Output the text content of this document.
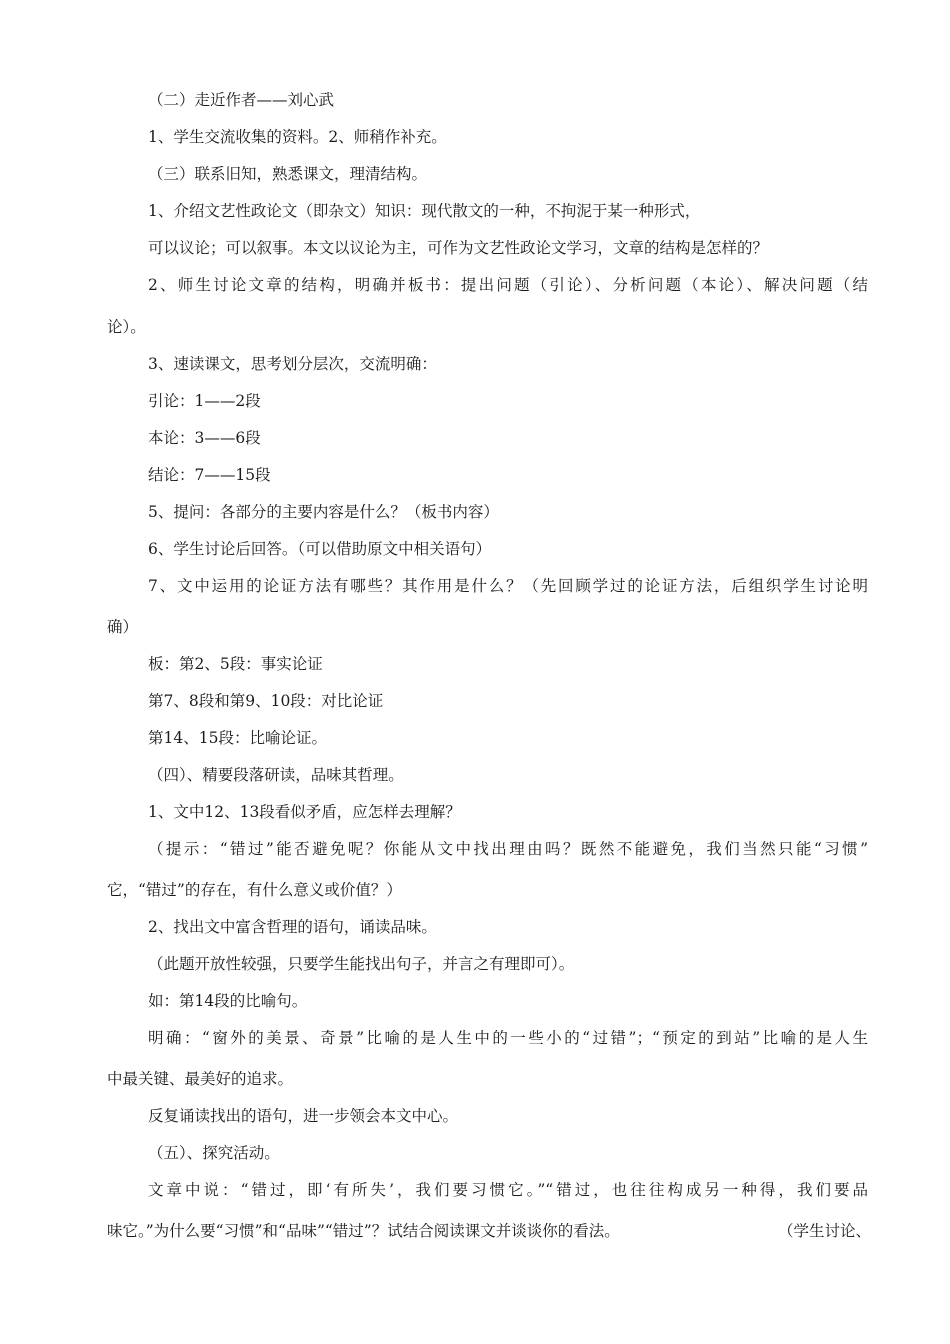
（二）走近作者——刘心武
1、学生交流收集的资料。2、师稍作补充。
（三）联系旧知，熟悉课文，理清结构。
1、介绍文艺性政论文（即杂文）知识：现代散文的一种，不拘泥于某一种形式，
可以议论；可以叙事。本文以议论为主，可作为文艺性政论文学习，文章的结构是怎样的？
2、师生讨论文章的结构，明确并板书：提出问题（引论）、分析问题（本论）、解决问题（结
论）。
3、速读课文，思考划分层次，交流明确：
引论：1——2段
本论：3——6段
结论：7——15段
5、提问：各部分的主要内容是什么？（板书内容）
6、学生讨论后回答。（可以借助原文中相关语句）
7、文中运用的论证方法有哪些？其作用是什么？（先回顾学过的论证方法，后组织学生讨论明
确）
板：第2、5段：事实论证
第7、8段和第9、10段：对比论证
第14、15段：比喻论证。
（四）、精要段落研读，品味其哲理。
1、文中12、13段看似矛盾，应怎样去理解？
（提示：“错过”能否避免呢？你能从文中找出理由吗？既然不能避免，我们当然只能“习惯”
它，“错过”的存在，有什么意义或价值？）
2、找出文中富含哲理的语句，诵读品味。
（此题开放性较强，只要学生能找出句子，并言之有理即可）。
如：第14段的比喻句。
明确：“窗外的美景、奇景”比喻的是人生中的一些小的“过错”；“预定的到站”比喻的是人生
中最关键、最美好的追求。
反复诵读找出的语句，进一步领会本文中心。
（五）、探究活动。
文章中说：“错过，即‘有所失’，我们要习惯它。”“错过，也往往构成另一种得，我们要品
味它。”为什么要“习惯”和“品味”“错过”？试结合阅读课文并谈谈你的看法。	（学生讨论、
